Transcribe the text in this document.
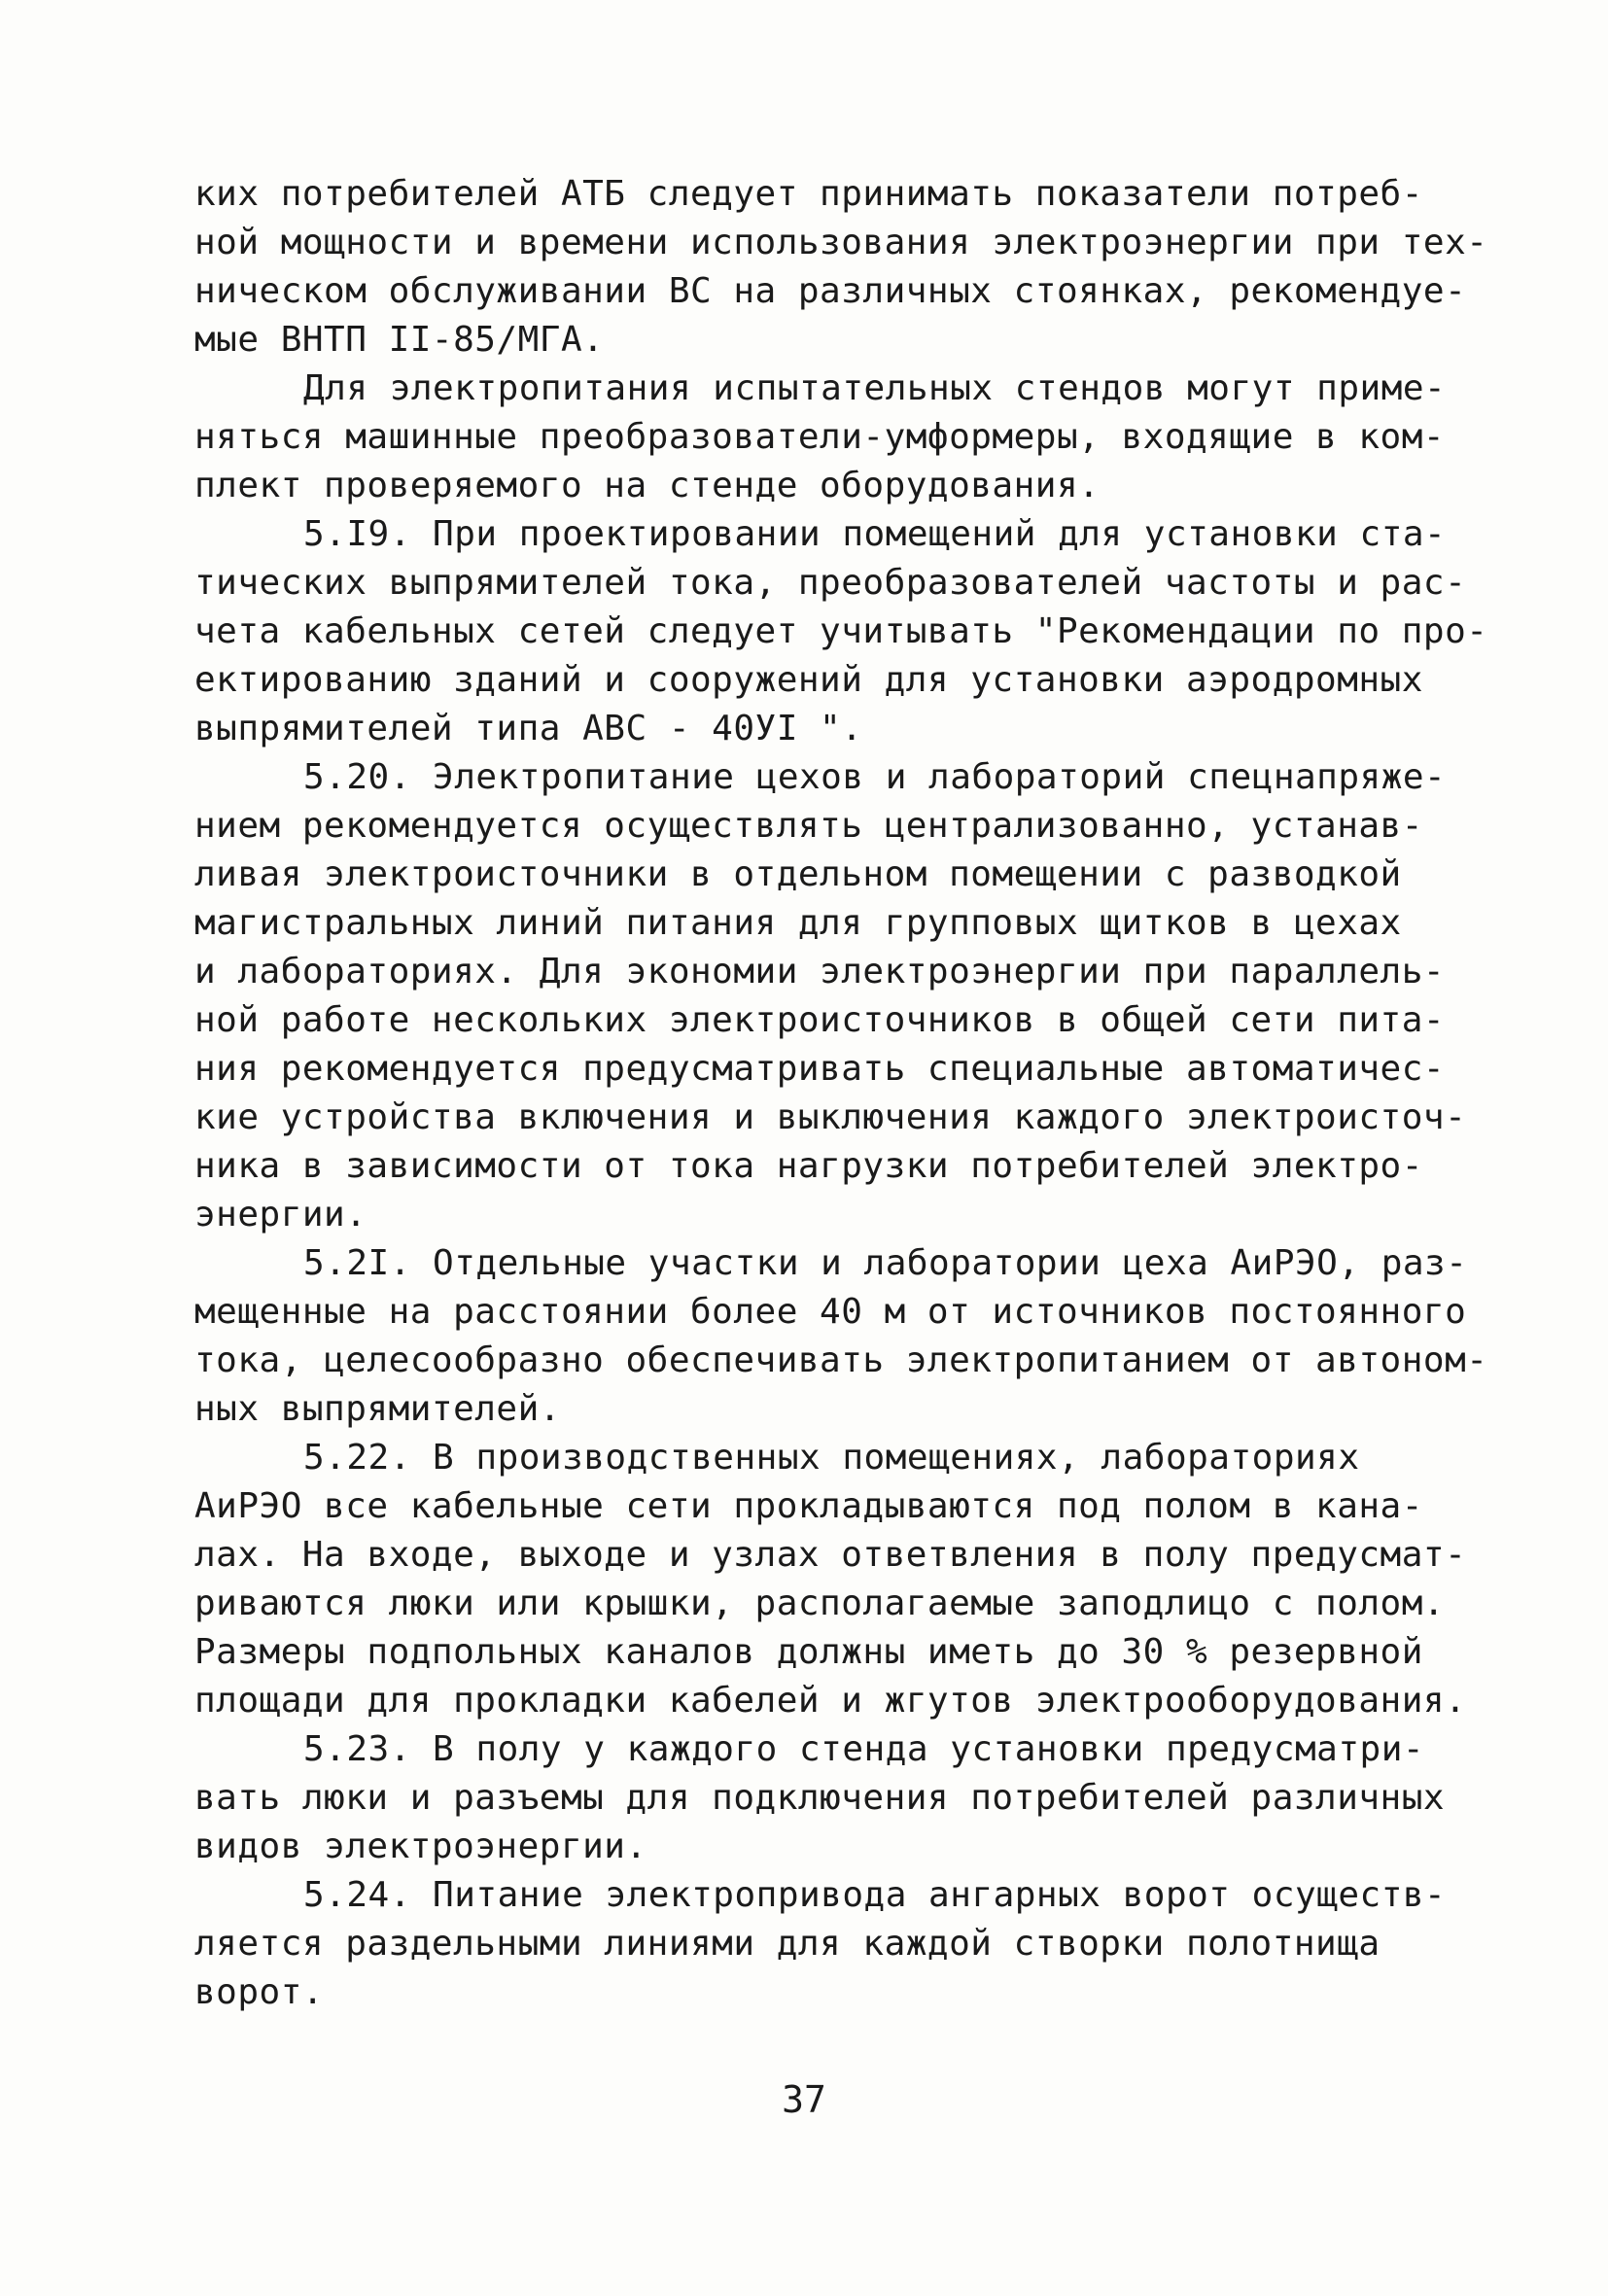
ких потребителей АТБ следует принимать показатели потреб-
ной мощности и времени использования электроэнергии при тех-
ническом обслуживании ВС на различных стоянках, рекомендуе-
мые ВНТП II-85/МГА.
Для электропитания испытательных стендов могут приме-
няться машинные преобразователи-умформеры, входящие в ком-
плект проверяемого на стенде оборудования.
5.I9. При проектировании помещений для установки ста-
тических выпрямителей тока, преобразователей частоты и рас-
чета кабельных сетей следует учитывать "Рекомендации по про-
ектированию зданий и сооружений для установки аэродромных
выпрямителей типа АВС - 40УI ".
5.20. Электропитание цехов и лабораторий спецнапряже-
нием рекомендуется осуществлять централизованно, устанав-
ливая электроисточники в отдельном помещении с разводкой
магистральных линий питания для групповых щитков в цехах
и лабораториях. Для экономии электроэнергии при параллель-
ной работе нескольких электроисточников в общей сети пита-
ния рекомендуется предусматривать специальные автоматичес-
кие устройства включения и выключения каждого электроисточ-
ника в зависимости от тока нагрузки потребителей электро-
энергии.
5.2I. Отдельные участки и лаборатории цеха АиРЭО, раз-
мещенные на расстоянии более 40 м от источников постоянного
тока, целесообразно обеспечивать электропитанием от автоном-
ных выпрямителей.
5.22. В производственных помещениях, лабораториях
АиРЭО все кабельные сети прокладываются под полом в кана-
лах. На входе, выходе и узлах ответвления в полу предусмат-
риваются люки или крышки, располагаемые заподлицо с полом.
Размеры подпольных каналов должны иметь до 30 % резервной
площади для прокладки кабелей и жгутов электрооборудования.
5.23. В полу у каждого стенда установки предусматри-
вать люки и разъемы для подключения потребителей различных
видов электроэнергии.
5.24. Питание электропривода ангарных ворот осуществ-
ляется раздельными линиями для каждой створки полотнища
ворот.
37
